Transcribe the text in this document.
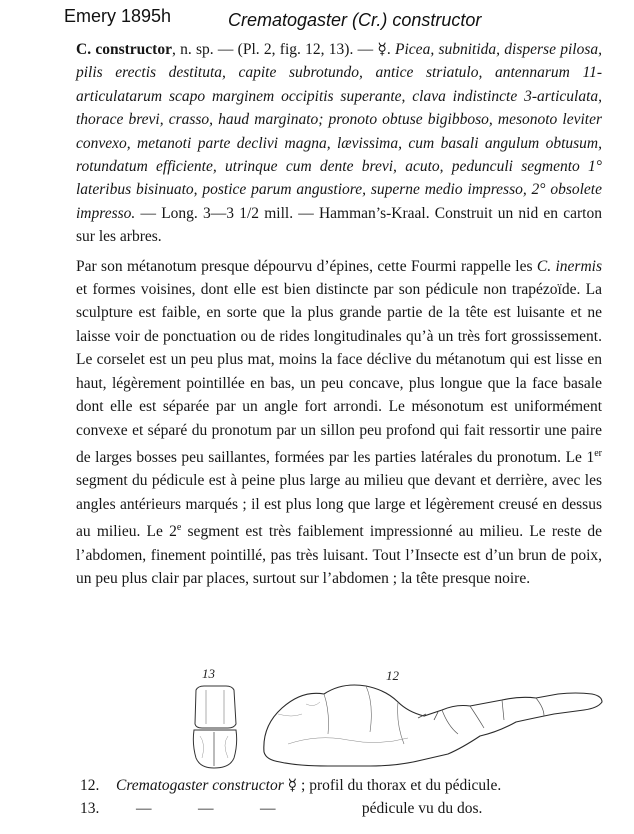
Emery 1895h	Crematogaster (Cr.) constructor

C. constructor, n. sp. — (Pl. 2, fig. 12, 13). — ☿. Picea, subnitida, disperse pilosa, pilis erectis destituta, capite subrotundo, antice striatulo, antennarum 11-articulatarum scapo marginem occipitis superante, clava indistincte 3-articulata, thorace brevi, crasso, haud marginato; pronoto obtuse bigibboso, mesonoto leviter convexo, metanoti parte declivi magna, lævissima, cum basali angulum obtusum, rotundatum efficiente, utrinque cum dente brevi, acuto, pedunculi segmento 1° lateribus bisinuato, postice parum angustiore, superne medio impresso, 2° obsolete impresso. — Long. 3—3 1/2 mill. — Hamman’s-Kraal. Construit un nid en carton sur les arbres.

Par son métanotum presque dépourvu d’épines, cette Fourmi rappelle les C. inermis et formes voisines, dont elle est bien distincte par son pédicule non trapézoïde. La sculpture est faible, en sorte que la plus grande partie de la tête est luisante et ne laisse voir de ponctuation ou de rides longitudinales qu’à un très fort grossissement. Le corselet est un peu plus mat, moins la face déclive du métanotum qui est lisse en haut, légèrement pointillée en bas, un peu concave, plus longue que la face basale dont elle est séparée par un angle fort arrondi. Le mésonotum est uniformément convexe et séparé du pronotum par un sillon peu profond qui fait ressortir une paire de larges bosses peu saillantes, formées par les parties latérales du pronotum. Le 1er segment du pédicule est à peine plus large au milieu que devant et derrière, avec les angles antérieurs marqués ; il est plus long que large et légèrement creusé en dessus au milieu. Le 2e segment est très faiblement impressionné au milieu. Le reste de l’abdomen, finement pointillé, pas très luisant. Tout l’Insecte est d’un brun de poix, un peu plus clair par places, surtout sur l’abdomen ; la tête presque noire.

13	12
12. Crematogaster constructor ☿ ; profil du thorax et du pédicule.
13. —            —            —	pédicule vu du dos.
